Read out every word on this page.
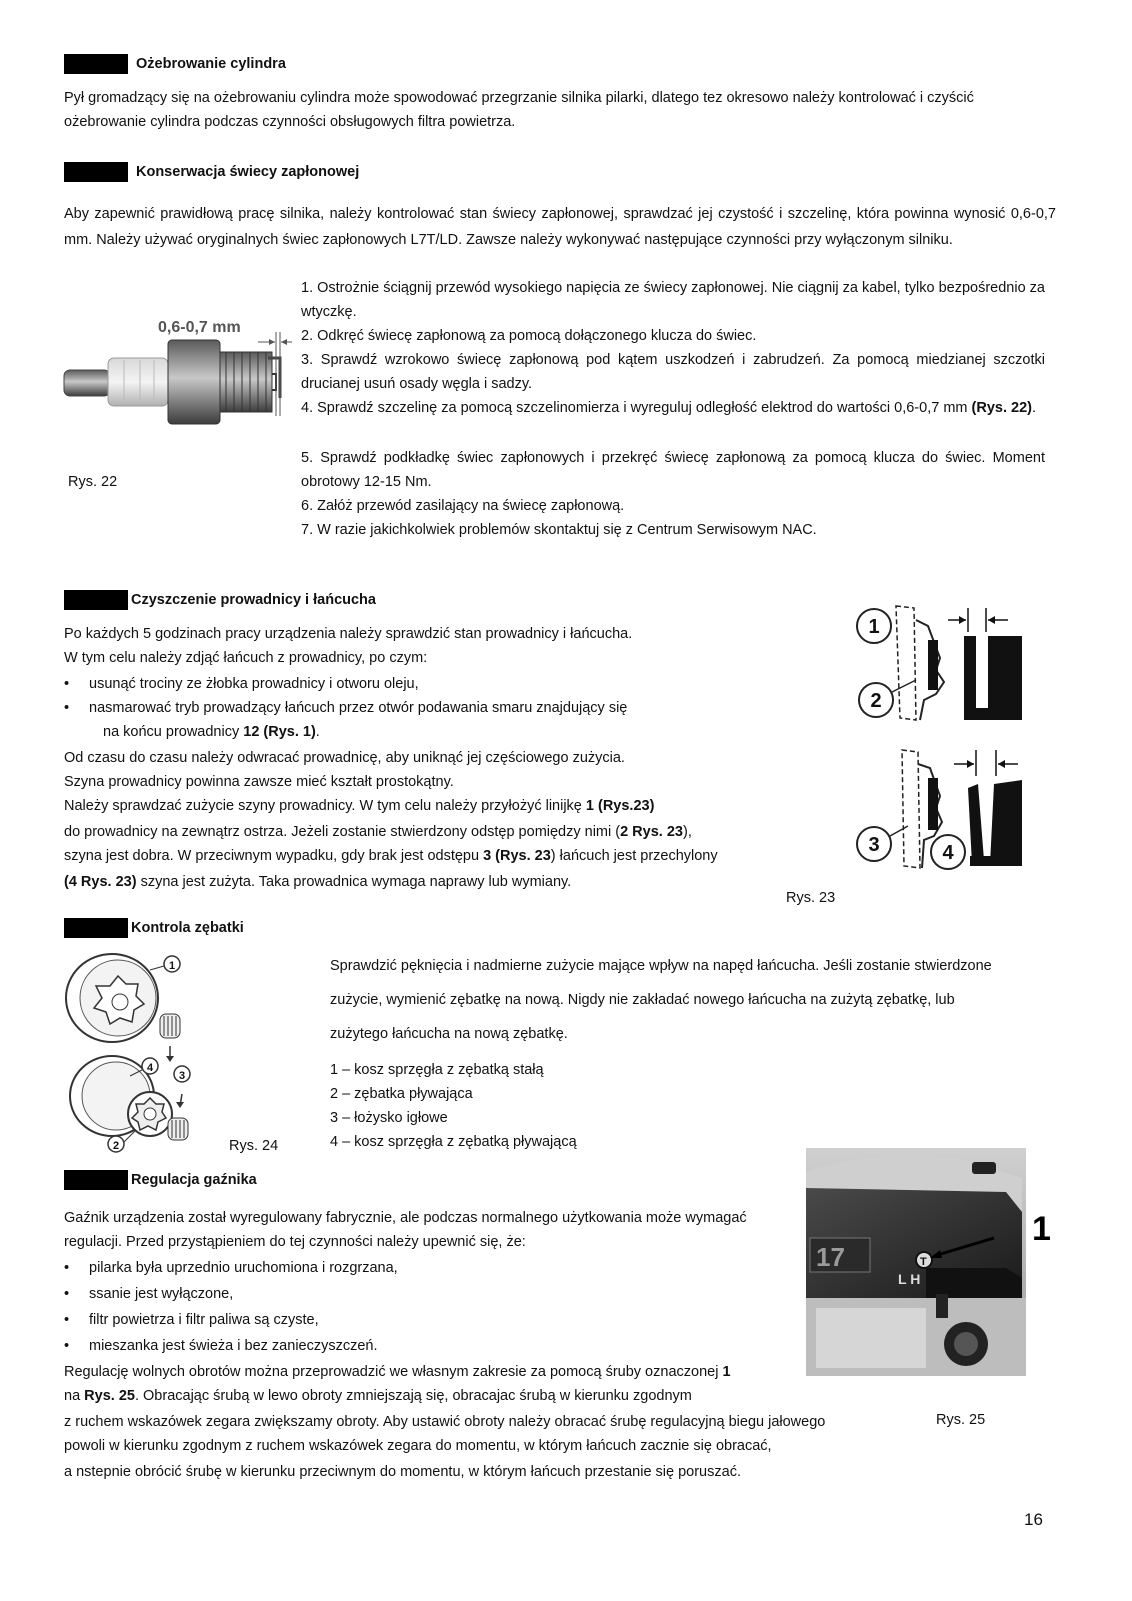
Ożebrowanie cylindra
Pył gromadzący się na ożebrowaniu cylindra może spowodować przegrzanie silnika pilarki, dlatego tez okresowo należy kontrolować i czyścić
ożebrowanie cylindra podczas czynności obsługowych filtra powietrza.
Konserwacja świecy zapłonowej
Aby zapewnić prawidłową pracę silnika, należy kontrolować stan świecy zapłonowej, sprawdzać jej czystość i szczelinę, która powinna wynosić 0,6-0,7 mm. Należy używać oryginalnych świec zapłonowych L7T/LD. Zawsze należy wykonywać następujące czynności przy wyłączonym silniku.
0,6-0,7 mm
Rys. 22
1. Ostrożnie ściągnij przewód wysokiego napięcia ze świecy zapłonowej. Nie ciągnij za kabel, tylko bezpośrednio za wtyczkę.
2. Odkręć świecę zapłonową za pomocą dołączonego klucza do świec.
3. Sprawdź wzrokowo świecę zapłonową pod kątem uszkodzeń i zabrudzeń. Za pomocą miedzianej szczotki drucianej usuń osady węgla i sadzy.
4. Sprawdź szczelinę za pomocą szczelinomierza i wyreguluj odległość elektrod do wartości 0,6-0,7 mm (Rys. 22).
5. Sprawdź podkładkę świec zapłonowych i przekręć świecę zapłonową za pomocą klucza do świec. Moment obrotowy 12-15 Nm.
6. Załóż przewód zasilający na świecę zapłonową.
7. W razie jakichkolwiek problemów skontaktuj się z Centrum Serwisowym NAC.
Czyszczenie prowadnicy i łańcucha
Po każdych 5 godzinach pracy urządzenia należy sprawdzić stan prowadnicy i łańcucha.
W tym celu należy zdjąć łańcuch z prowadnicy, po czym:
• usunąć trociny ze żłobka prowadnicy i otworu oleju,
• nasmarować tryb prowadzący łańcuch przez otwór podawania smaru znajdujący się
na końcu prowadnicy 12 (Rys. 1).
Od czasu do czasu należy odwracać prowadnicę, aby uniknąć jej częściowego zużycia.
Szyna prowadnicy powinna zawsze mieć kształt prostokątny.
Należy sprawdzać zużycie szyny prowadnicy. W tym celu należy przyłożyć linijkę 1 (Rys.23)
do prowadnicy na zewnątrz ostrza. Jeżeli zostanie stwierdzony odstęp pomiędzy nimi (2 Rys. 23),
szyna jest dobra. W przeciwnym wypadku, gdy brak jest odstępu 3 (Rys. 23) łańcuch jest przechylony
(4 Rys. 23) szyna jest zużyta. Taka prowadnica wymaga naprawy lub wymiany.
1
2
3	4
Rys. 23
Kontrola zębatki
1
4
3
2	Rys. 24
Sprawdzić pęknięcia i nadmierne zużycie mające wpływ na napęd łańcucha. Jeśli zostanie stwierdzone
zużycie, wymienić zębatkę na nową. Nigdy nie zakładać nowego łańcucha na zużytą zębatkę, lub
zużytego łańcucha na nową zębatkę.
1 – kosz sprzęgła z zębatką stałą
2 – zębatka pływająca
3 – łożysko igłowe
4 – kosz sprzęgła z zębatką pływającą
Regulacja gaźnika
Gaźnik urządzenia został wyregulowany fabrycznie, ale podczas normalnego użytkowania może wymagać
regulacji. Przed przystąpieniem do tej czynności należy upewnić się, że:
• pilarka była uprzednio uruchomiona i rozgrzana,
• ssanie jest wyłączone,
• filtr powietrza i filtr paliwa są czyste,
• mieszanka jest świeża i bez zanieczyszczeń.
Regulację wolnych obrotów można przeprowadzić we własnym zakresie za pomocą śruby oznaczonej 1
na Rys. 25. Obracając śrubą w lewo obroty zmniejszają się, obracajac śrubą w kierunku zgodnym
z ruchem wskazówek zegara zwiększamy obroty. Aby ustawić obroty należy obracać śrubę regulacyjną biegu jałowego
powoli w kierunku zgodnym z ruchem wskazówek zegara do momentu, w którym łańcuch zacznie się obracać,
a nstepnie obrócić śrubę w kierunku przeciwnym do momentu, w którym łańcuch przestanie się poruszać.
17	T
L H
1
Rys. 25
16
